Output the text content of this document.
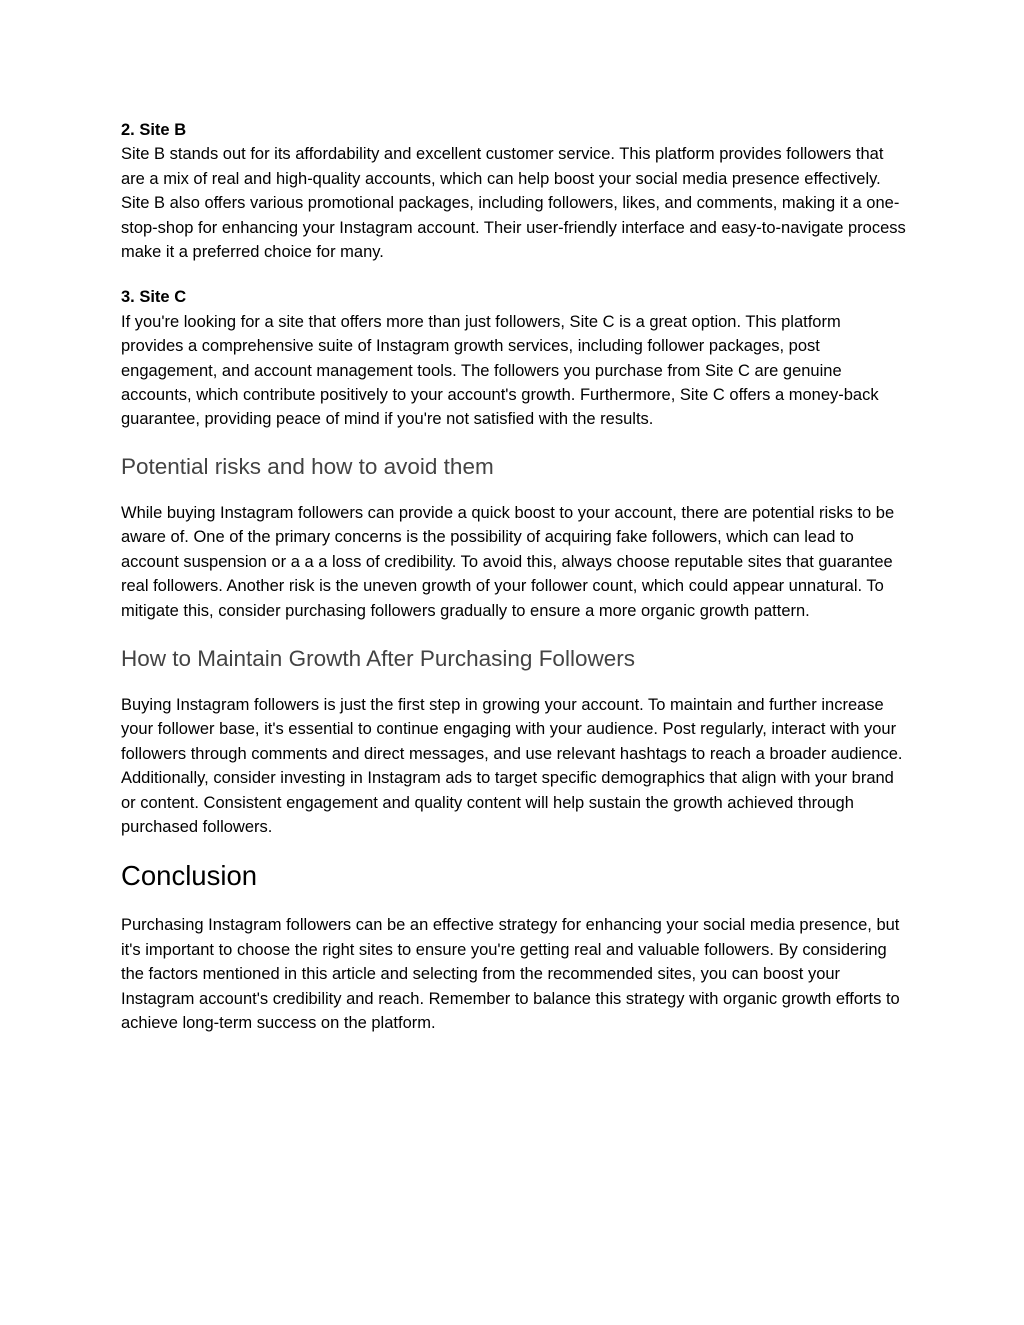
2. Site B

Site B stands out for its affordability and excellent customer service. This platform provides followers that are a mix of real and high-quality accounts, which can help boost your social media presence effectively. Site B also offers various promotional packages, including followers, likes, and comments, making it a one-stop-shop for enhancing your Instagram account. Their user-friendly interface and easy-to-navigate process make it a preferred choice for many.

3. Site C

If you're looking for a site that offers more than just followers, Site C is a great option. This platform provides a comprehensive suite of Instagram growth services, including follower packages, post engagement, and account management tools. The followers you purchase from Site C are genuine accounts, which contribute positively to your account's growth. Furthermore, Site C offers a money-back guarantee, providing peace of mind if you're not satisfied with the results.

Potential risks and how to avoid them

While buying Instagram followers can provide a quick boost to your account, there are potential risks to be aware of. One of the primary concerns is the possibility of acquiring fake followers, which can lead to account suspension or a a a loss of credibility. To avoid this, always choose reputable sites that guarantee real followers. Another risk is the uneven growth of your follower count, which could appear unnatural. To mitigate this, consider purchasing followers gradually to ensure a more organic growth pattern.

How to Maintain Growth After Purchasing Followers

Buying Instagram followers is just the first step in growing your account. To maintain and further increase your follower base, it's essential to continue engaging with your audience. Post regularly, interact with your followers through comments and direct messages, and use relevant hashtags to reach a broader audience. Additionally, consider investing in Instagram ads to target specific demographics that align with your brand or content. Consistent engagement and quality content will help sustain the growth achieved through purchased followers.

Conclusion

Purchasing Instagram followers can be an effective strategy for enhancing your social media presence, but it's important to choose the right sites to ensure you're getting real and valuable followers. By considering the factors mentioned in this article and selecting from the recommended sites, you can boost your Instagram account's credibility and reach. Remember to balance this strategy with organic growth efforts to achieve long-term success on the platform.
